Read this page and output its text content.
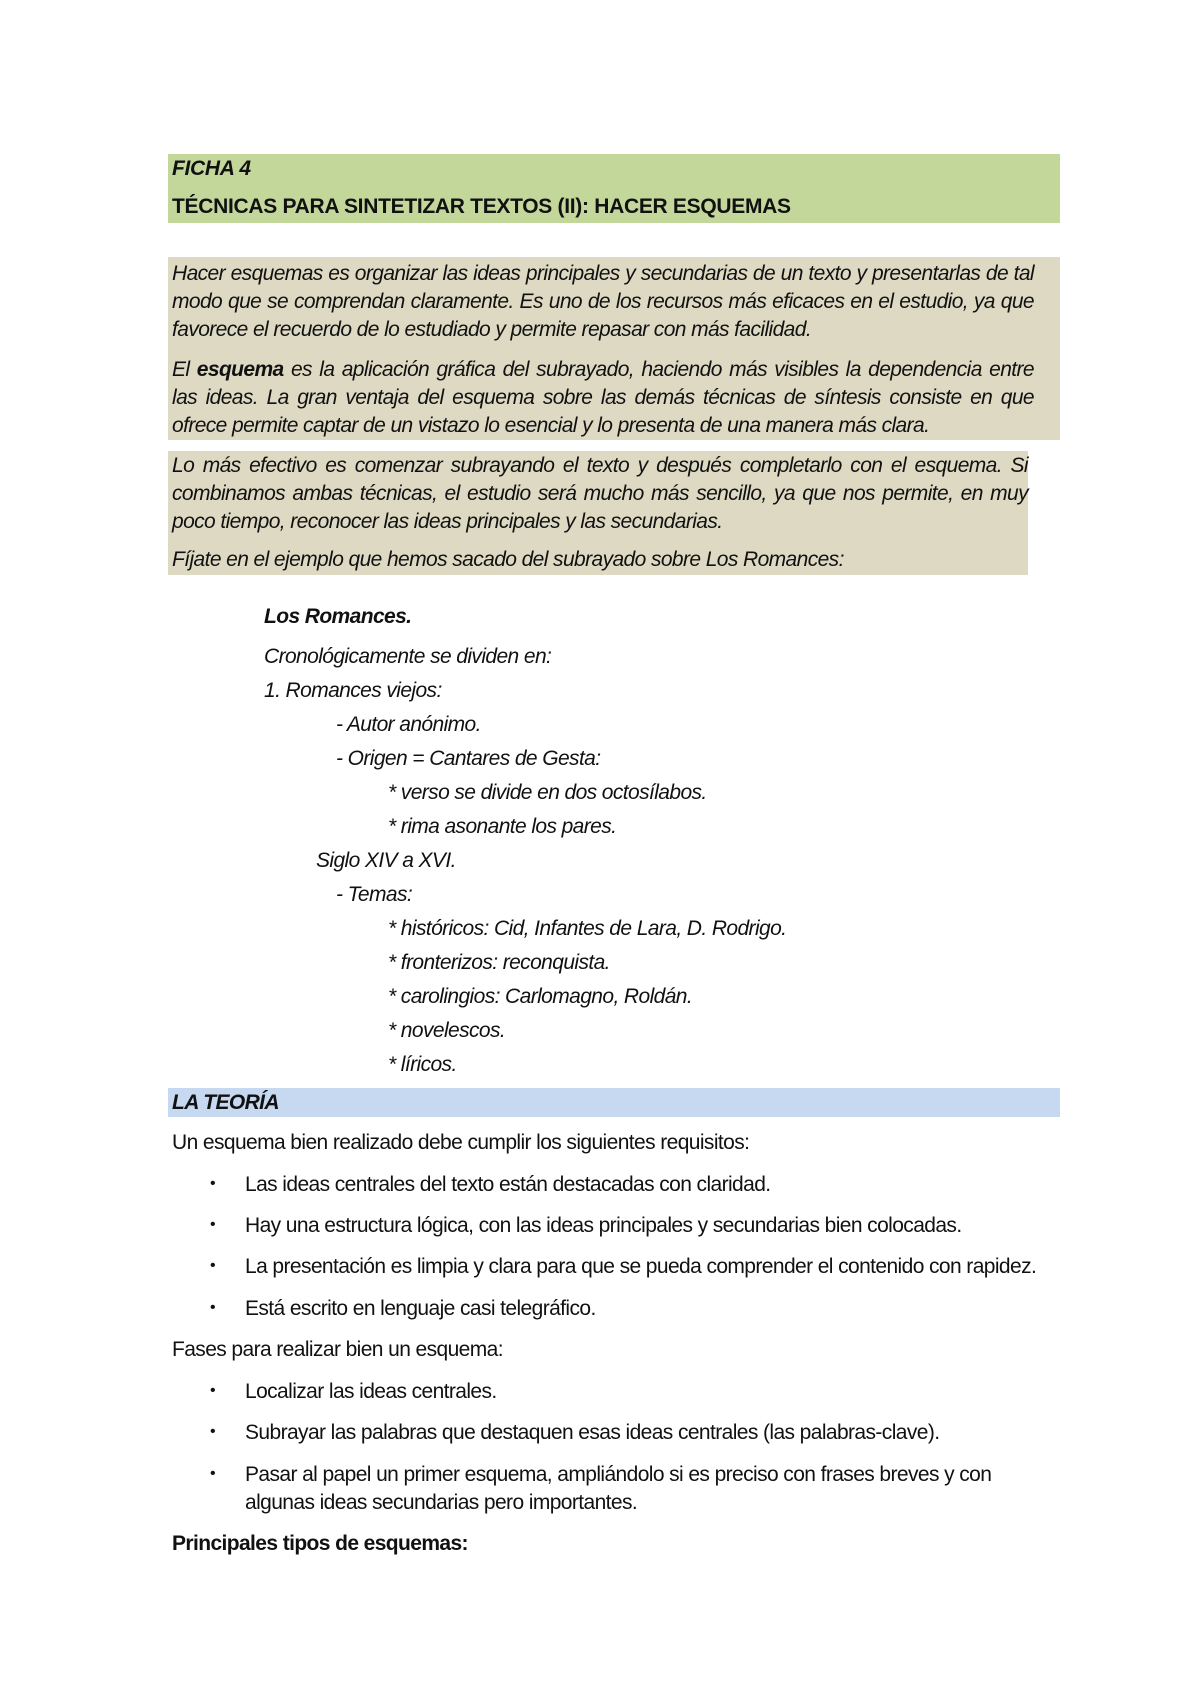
FICHA 4
TÉCNICAS PARA SINTETIZAR TEXTOS (II): HACER ESQUEMAS
Hacer esquemas es organizar las ideas principales y secundarias de un texto y presentarlas de tal modo que se comprendan claramente. Es uno de los recursos más eficaces en el estudio, ya que favorece el recuerdo de lo estudiado y permite repasar con más facilidad.
El esquema es la aplicación gráfica del subrayado, haciendo más visibles la dependencia entre las ideas. La gran ventaja del esquema sobre las demás técnicas de síntesis consiste en que ofrece permite captar de un vistazo lo esencial y lo presenta de una manera más clara.
Lo más efectivo es comenzar subrayando el texto y después completarlo con el esquema. Si combinamos ambas técnicas, el estudio será mucho más sencillo, ya que nos permite, en muy poco tiempo, reconocer las ideas principales y las secundarias.
Fíjate en el ejemplo que hemos sacado del subrayado sobre Los Romances:
Los Romances.
Cronológicamente se dividen en:
1. Romances viejos:
- Autor anónimo.
- Origen = Cantares de Gesta:
* verso se divide en dos octosílabos.
* rima asonante los pares.
Siglo XIV a XVI.
- Temas:
* históricos: Cid, Infantes de Lara, D. Rodrigo.
* fronterizos: reconquista.
* carolingios: Carlomagno, Roldán.
* novelescos.
* líricos.
LA TEORÍA
Un esquema bien realizado debe cumplir los siguientes requisitos:
• Las ideas centrales del texto están destacadas con claridad.
• Hay una estructura lógica, con las ideas principales y secundarias bien colocadas.
• La presentación es limpia y clara para que se pueda comprender el contenido con rapidez.
• Está escrito en lenguaje casi telegráfico.
Fases para realizar bien un esquema:
• Localizar las ideas centrales.
• Subrayar las palabras que destaquen esas ideas centrales (las palabras-clave).
• Pasar al papel un primer esquema, ampliándolo si es preciso con frases breves y con
algunas ideas secundarias pero importantes.
Principales tipos de esquemas:
